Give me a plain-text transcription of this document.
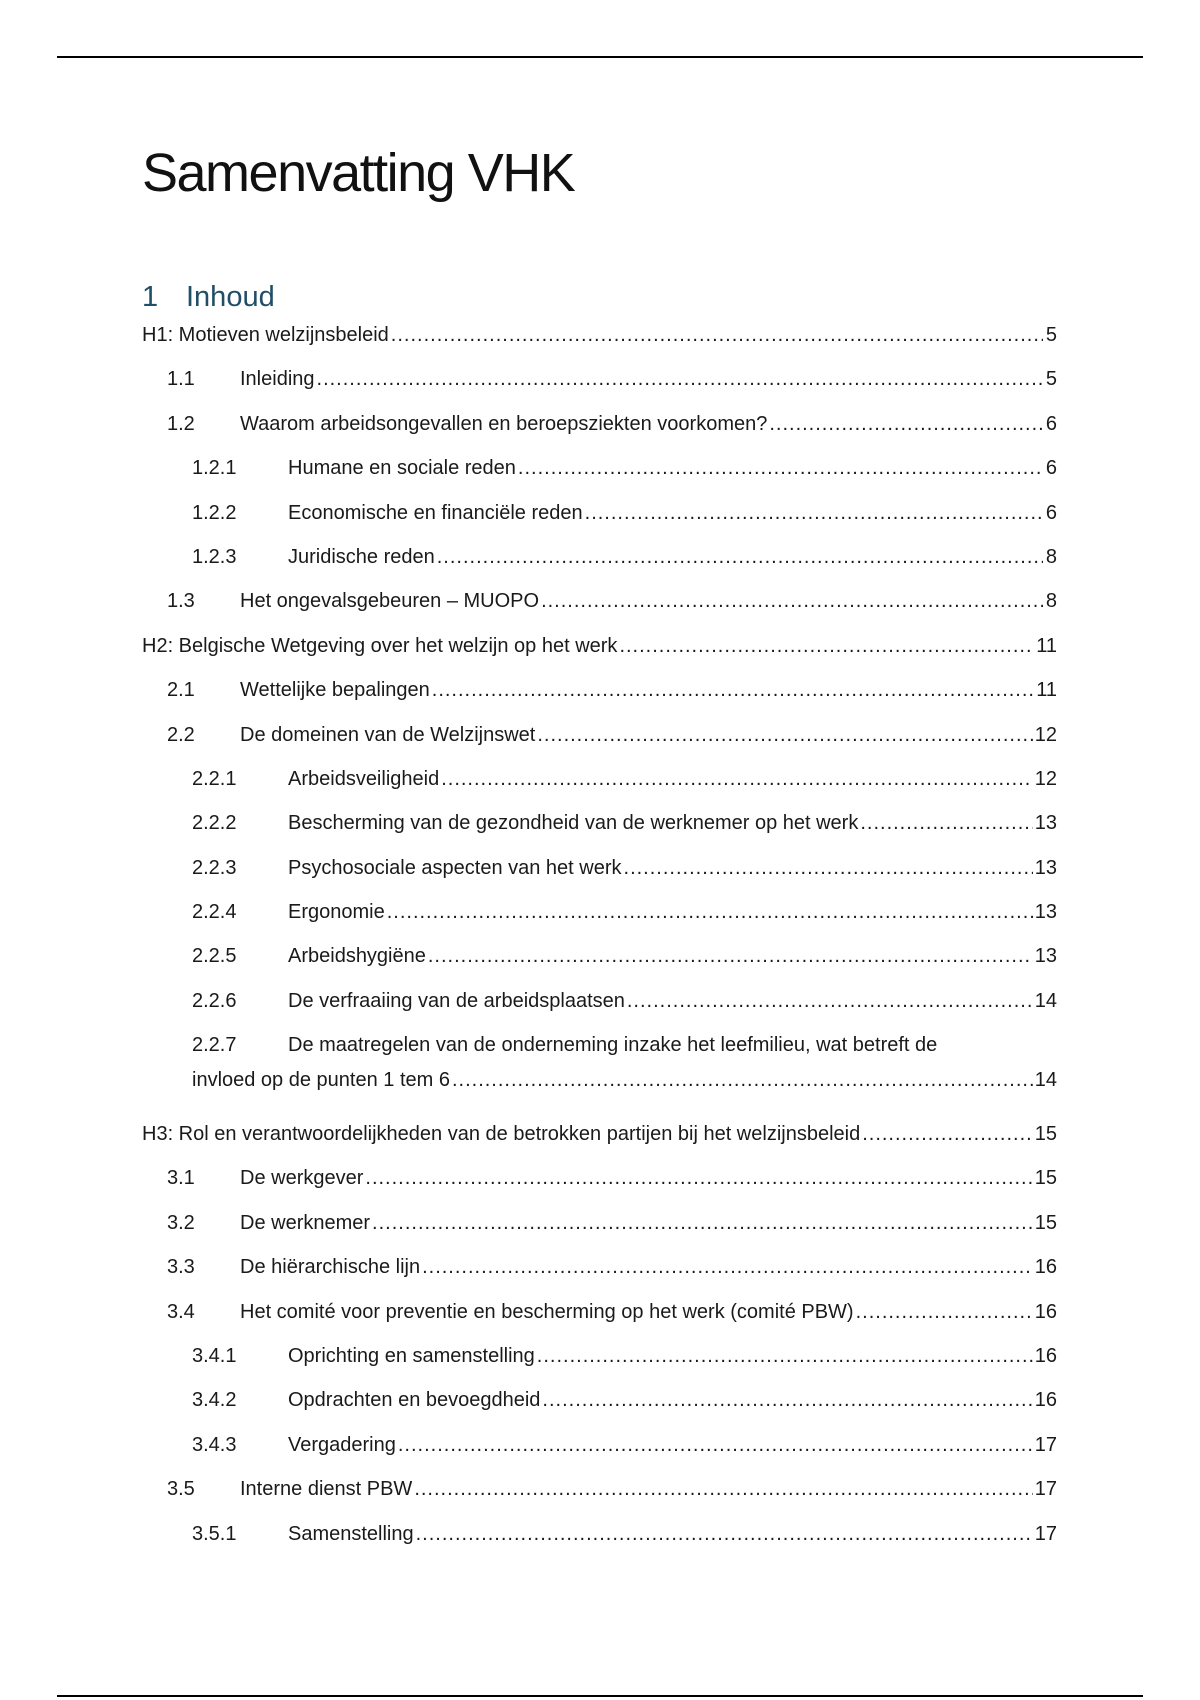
Samenvatting VHK
1 Inhoud
H1: Motieven welzijnsbeleid .....	5
1.1	Inleiding .....	5
1.2	Waarom arbeidsongevallen en beroepsziekten voorkomen? .....	6
1.2.1	Humane en sociale reden .....	6
1.2.2	Economische en financiële reden .....	6
1.2.3	Juridische reden .....	8
1.3	Het ongevalsgebeuren – MUOPO .....	8
H2: Belgische Wetgeving over het welzijn op het werk .....	11
2.1	Wettelijke bepalingen .....	11
2.2	De domeinen van de Welzijnswet .....	12
2.2.1	Arbeidsveiligheid .....	12
2.2.2	Bescherming van de gezondheid van de werknemer op het werk .....	13
2.2.3	Psychosociale aspecten van het werk .....	13
2.2.4	Ergonomie .....	13
2.2.5	Arbeidshygiëne .....	13
2.2.6	De verfraaiing van de arbeidsplaatsen .....	14
2.2.7	De maatregelen van de onderneming inzake het leefmilieu, wat betreft de
invloed op de punten 1 tem 6 .....	14
H3: Rol en verantwoordelijkheden van de betrokken partijen bij het welzijnsbeleid .....	15
3.1	De werkgever .....	15
3.2	De werknemer .....	15
3.3	De hiërarchische lijn .....	16
3.4	Het comité voor preventie en bescherming op het werk (comité PBW) .....	16
3.4.1	Oprichting en samenstelling .....	16
3.4.2	Opdrachten en bevoegdheid .....	16
3.4.3	Vergadering .....	17
3.5	Interne dienst PBW .....	17
3.5.1	Samenstelling .....	17
